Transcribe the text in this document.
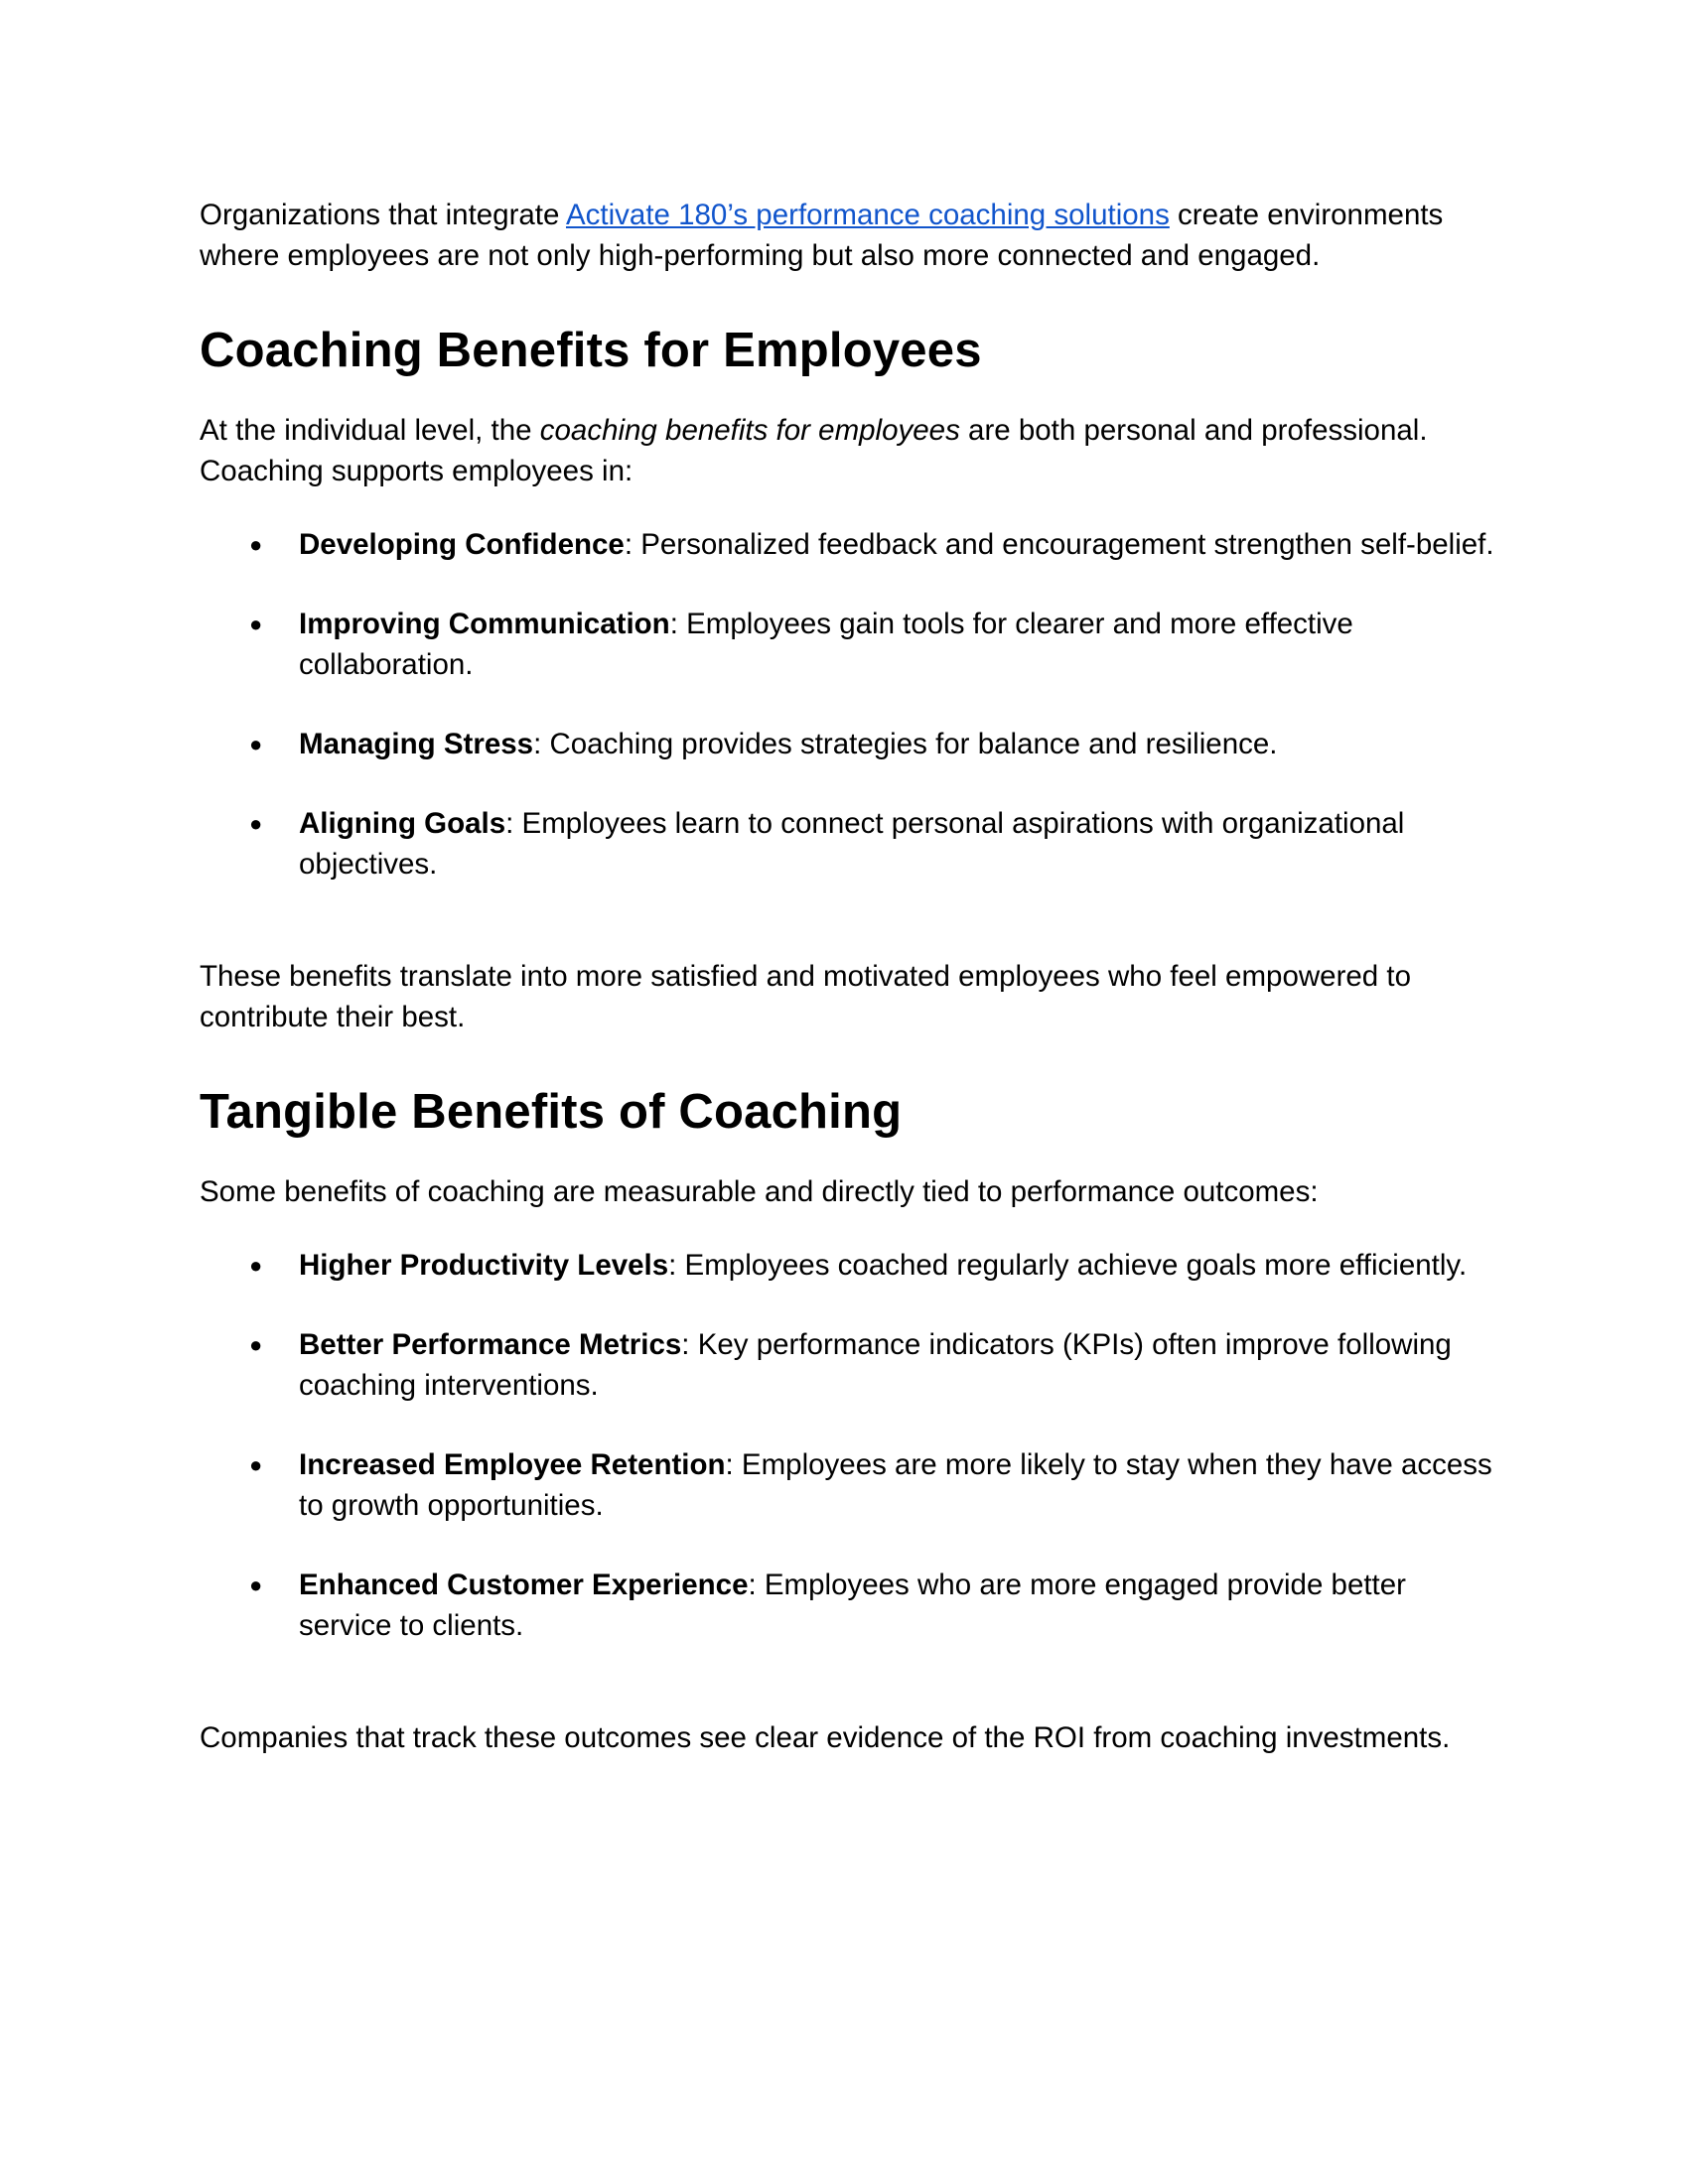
Organizations that integrate Activate 180’s performance coaching solutions create environments where employees are not only high-performing but also more connected and engaged.

Coaching Benefits for Employees

At the individual level, the coaching benefits for employees are both personal and professional. Coaching supports employees in:

● Developing Confidence: Personalized feedback and encouragement strengthen self-belief.
● Improving Communication: Employees gain tools for clearer and more effective collaboration.
● Managing Stress: Coaching provides strategies for balance and resilience.
● Aligning Goals: Employees learn to connect personal aspirations with organizational objectives.

These benefits translate into more satisfied and motivated employees who feel empowered to contribute their best.

Tangible Benefits of Coaching

Some benefits of coaching are measurable and directly tied to performance outcomes:

● Higher Productivity Levels: Employees coached regularly achieve goals more efficiently.
● Better Performance Metrics: Key performance indicators (KPIs) often improve following coaching interventions.
● Increased Employee Retention: Employees are more likely to stay when they have access to growth opportunities.
● Enhanced Customer Experience: Employees who are more engaged provide better service to clients.

Companies that track these outcomes see clear evidence of the ROI from coaching investments.
